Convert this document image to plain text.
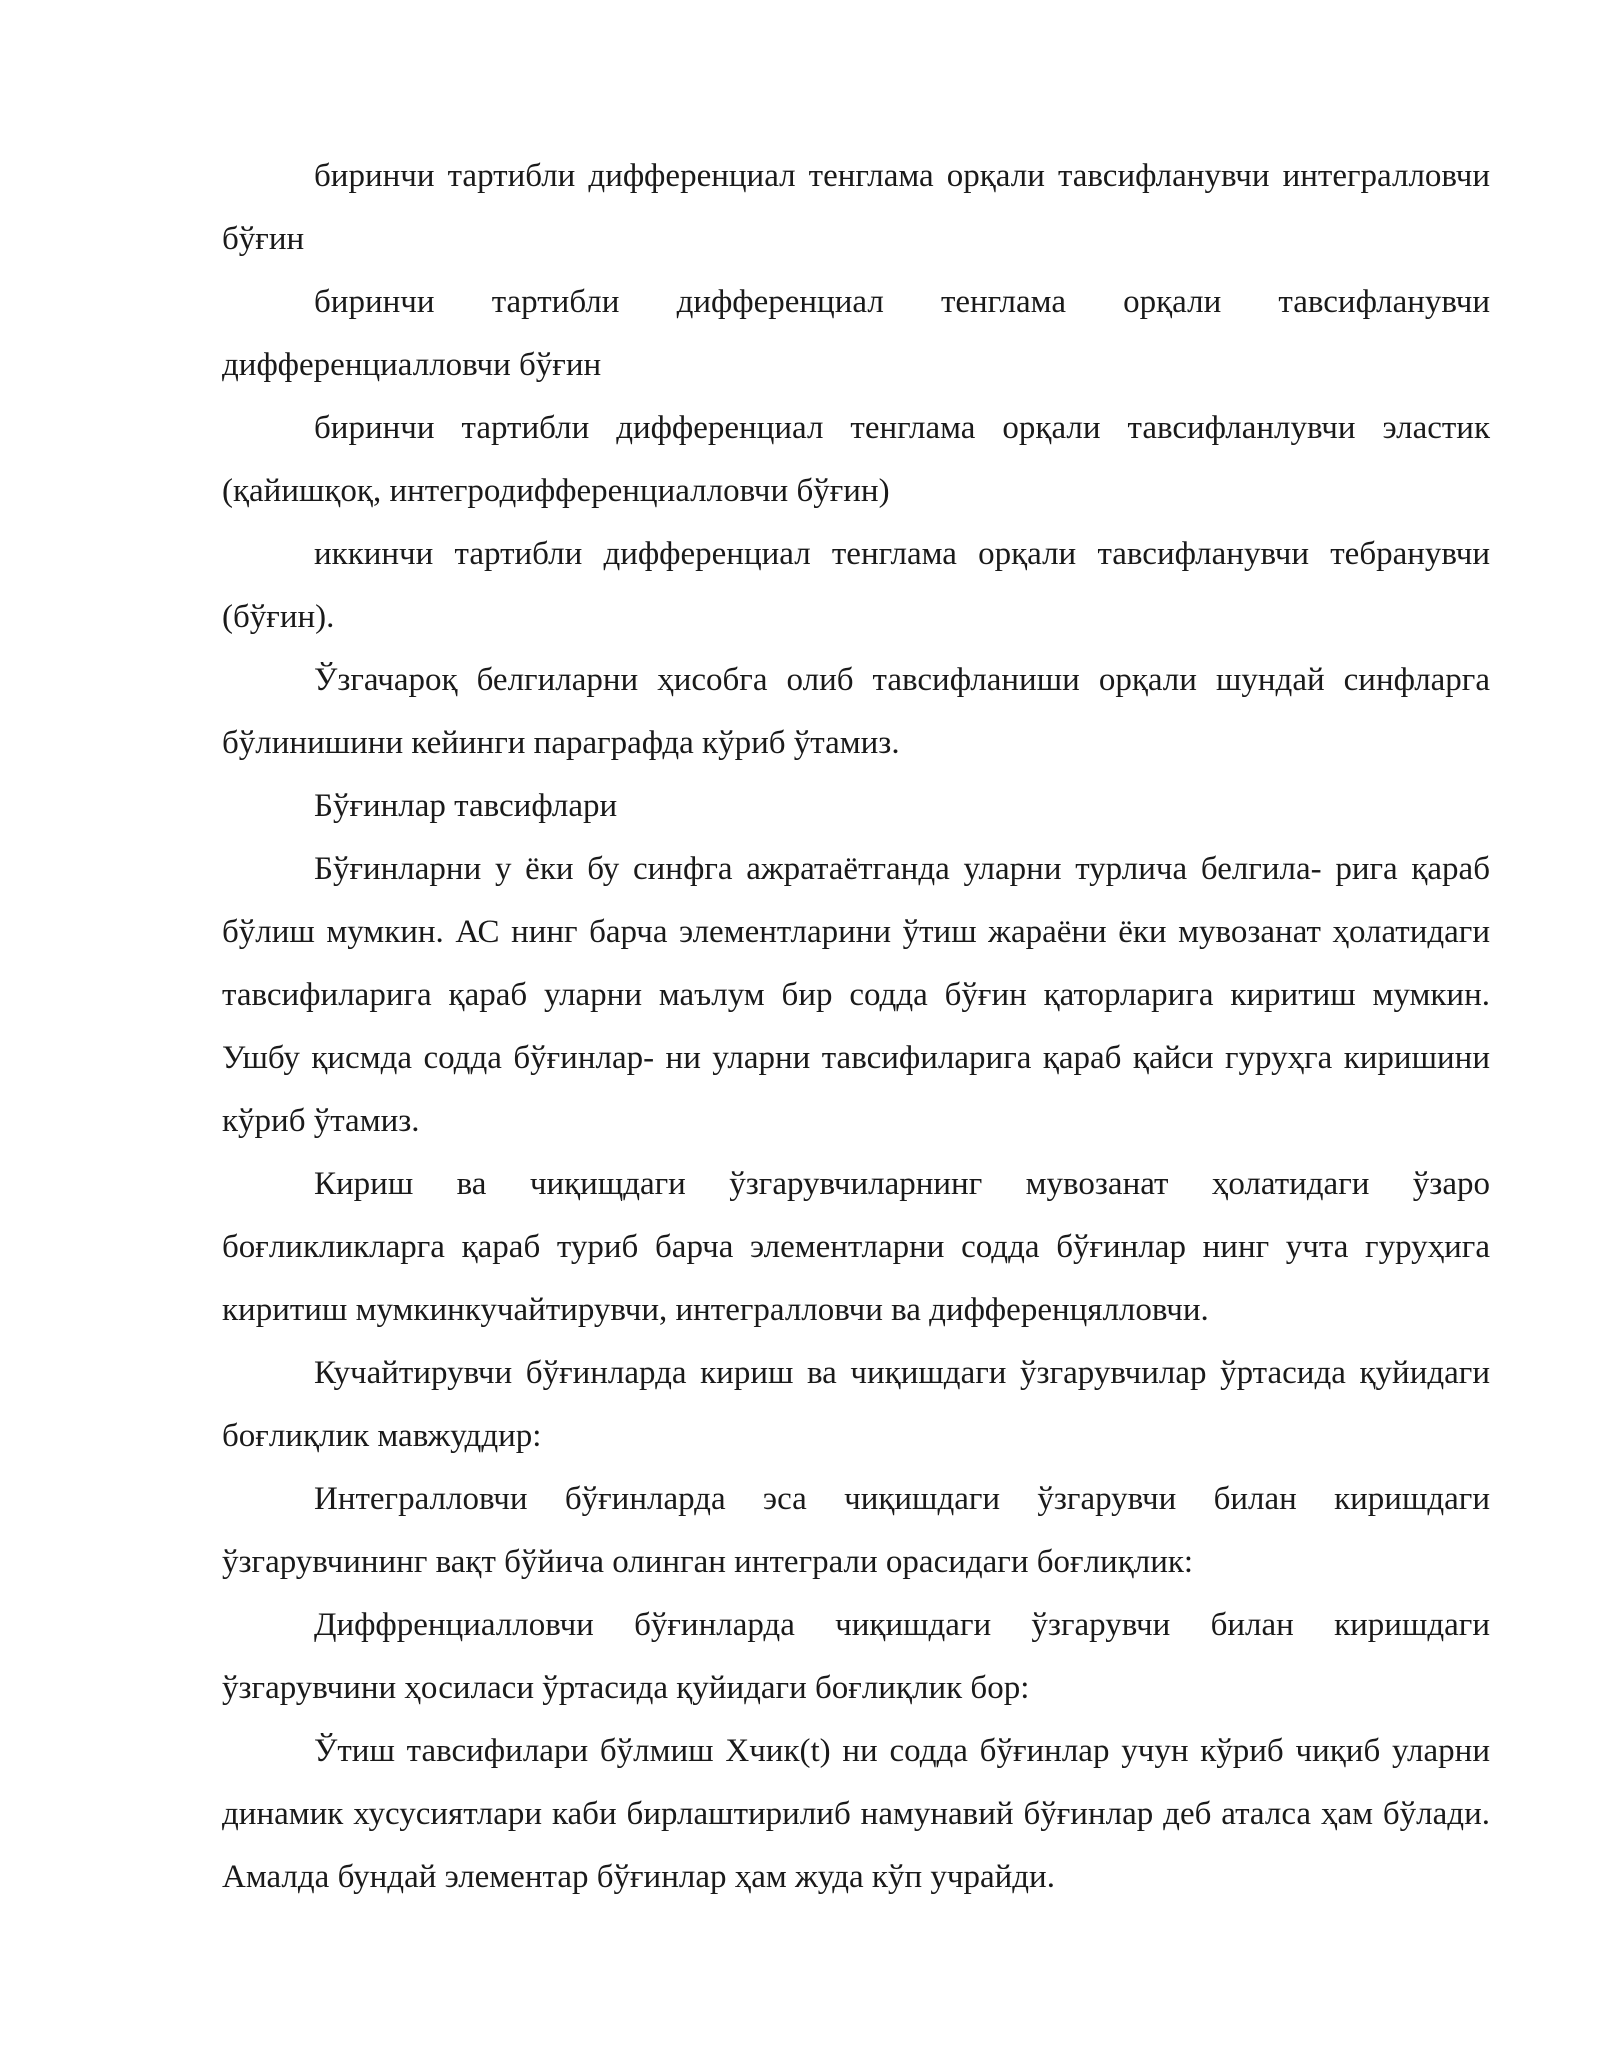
биринчи тартибли дифференциал тенглама орқали тавсифланувчи интегралловчи бўғин

биринчи тартибли дифференциал тенглама орқали тавсифланувчи дифференциалловчи бўғин

биринчи тартибли дифференциал тенглама орқали тавсифланлувчи эластик (қайишқоқ, интегродифференциалловчи бўғин)

иккинчи тартибли дифференциал тенглама орқали тавсифланувчи тебранувчи (бўғин).

Ўзгачароқ белгиларни ҳисобга олиб тавсифланиши орқали шундай синфларга бўлинишини кейинги параграфда кўриб ўтамиз.

Бўғинлар тавсифлари

Бўғинларни у ёки бу синфга ажратаётганда уларни турлича белгила- рига қараб бўлиш мумкин. АС нинг барча элементларини ўтиш жараёни ёки мувозанат ҳолатидаги тавсифиларига қараб уларни маълум бир содда бўғин қаторларига киритиш мумкин. Ушбу қисмда содда бўғинлар- ни уларни тавсифиларига қараб қайси гуруҳга киришини кўриб ўтамиз.

Кириш ва чиқищдаги ўзгарувчиларнинг мувозанат ҳолатидаги ўзаро боғликликларга қараб туриб барча элементларни содда бўғинлар нинг учта гуруҳига киритиш мумкинкучайтирувчи, интегралловчи ва дифференцялловчи.

Кучайтирувчи бўғинларда кириш ва чиқишдаги ўзгарувчилар ўртасида қуйидаги боғлиқлик мавжуддир:

Интегралловчи бўғинларда эса чиқишдаги ўзгарувчи билан киришдаги ўзгарувчининг вақт бўйича олинган интеграли орасидаги боғлиқлик:

Диффренциалловчи бўғинларда чиқишдаги ўзгарувчи билан киришдаги ўзгарувчини ҳосиласи ўртасида қуйидаги боғлиқлик бор:

Ўтиш тавсифилари бўлмиш Хчик(t) ни содда бўғинлар учун кўриб чиқиб уларни динамик хусусиятлари каби бирлаштирилиб намунавий бўғинлар деб аталса ҳам бўлади. Амалда бундай элементар бўғинлар ҳам жуда кўп учрайди.
